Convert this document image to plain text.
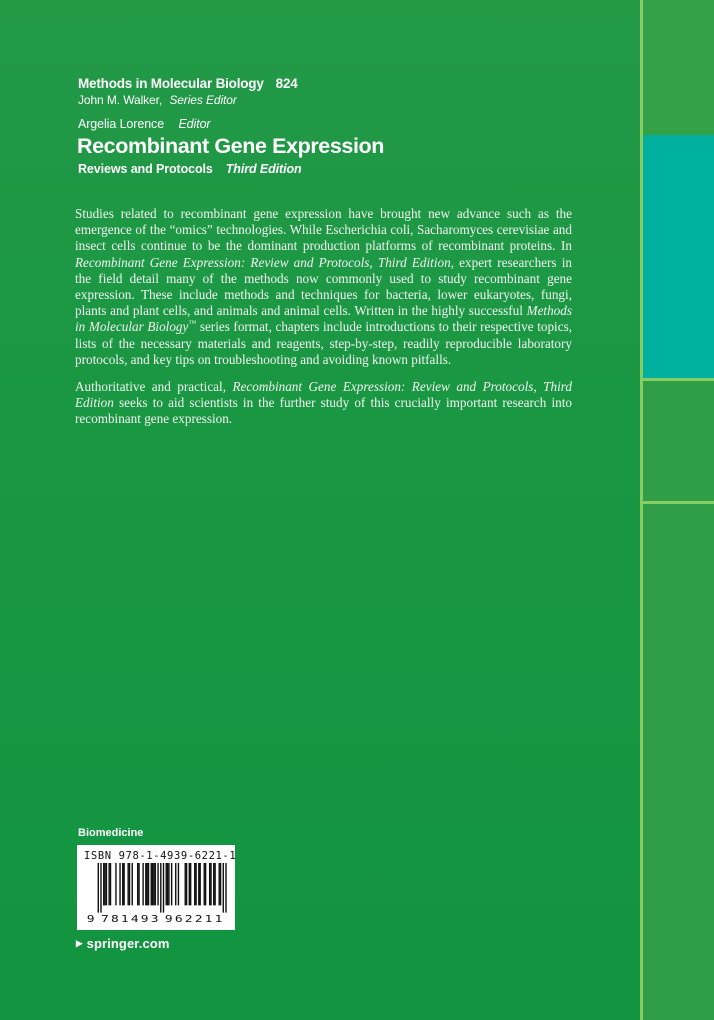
Methods in Molecular Biology 824
John M. Walker, Series Editor
Argelia Lorence Editor
Recombinant Gene Expression
Reviews and Protocols Third Edition

Studies related to recombinant gene expression have brought new advance such as the emergence of the “omics” technologies. While Escherichia coli, Sacharomyces cerevisiae and insect cells continue to be the dominant production platforms of recombinant proteins. In Recombinant Gene Expression: Review and Protocols, Third Edition, expert researchers in the field detail many of the methods now commonly used to study recombinant gene expression. These include methods and techniques for bacteria, lower eukaryotes, fungi, plants and plant cells, and animals and animal cells. Written in the highly successful Methods in Molecular Biology™ series format, chapters include introductions to their respective topics, lists of the necessary materials and reagents, step-by-step, readily reproducible laboratory protocols, and key tips on troubleshooting and avoiding known pitfalls.

Authoritative and practical, Recombinant Gene Expression: Review and Protocols, Third Edition seeks to aid scientists in the further study of this crucially important research into recombinant gene expression.

Biomedicine
ISBN 978-1-4939-6221-1
9 781493 962211
▶ springer.com
